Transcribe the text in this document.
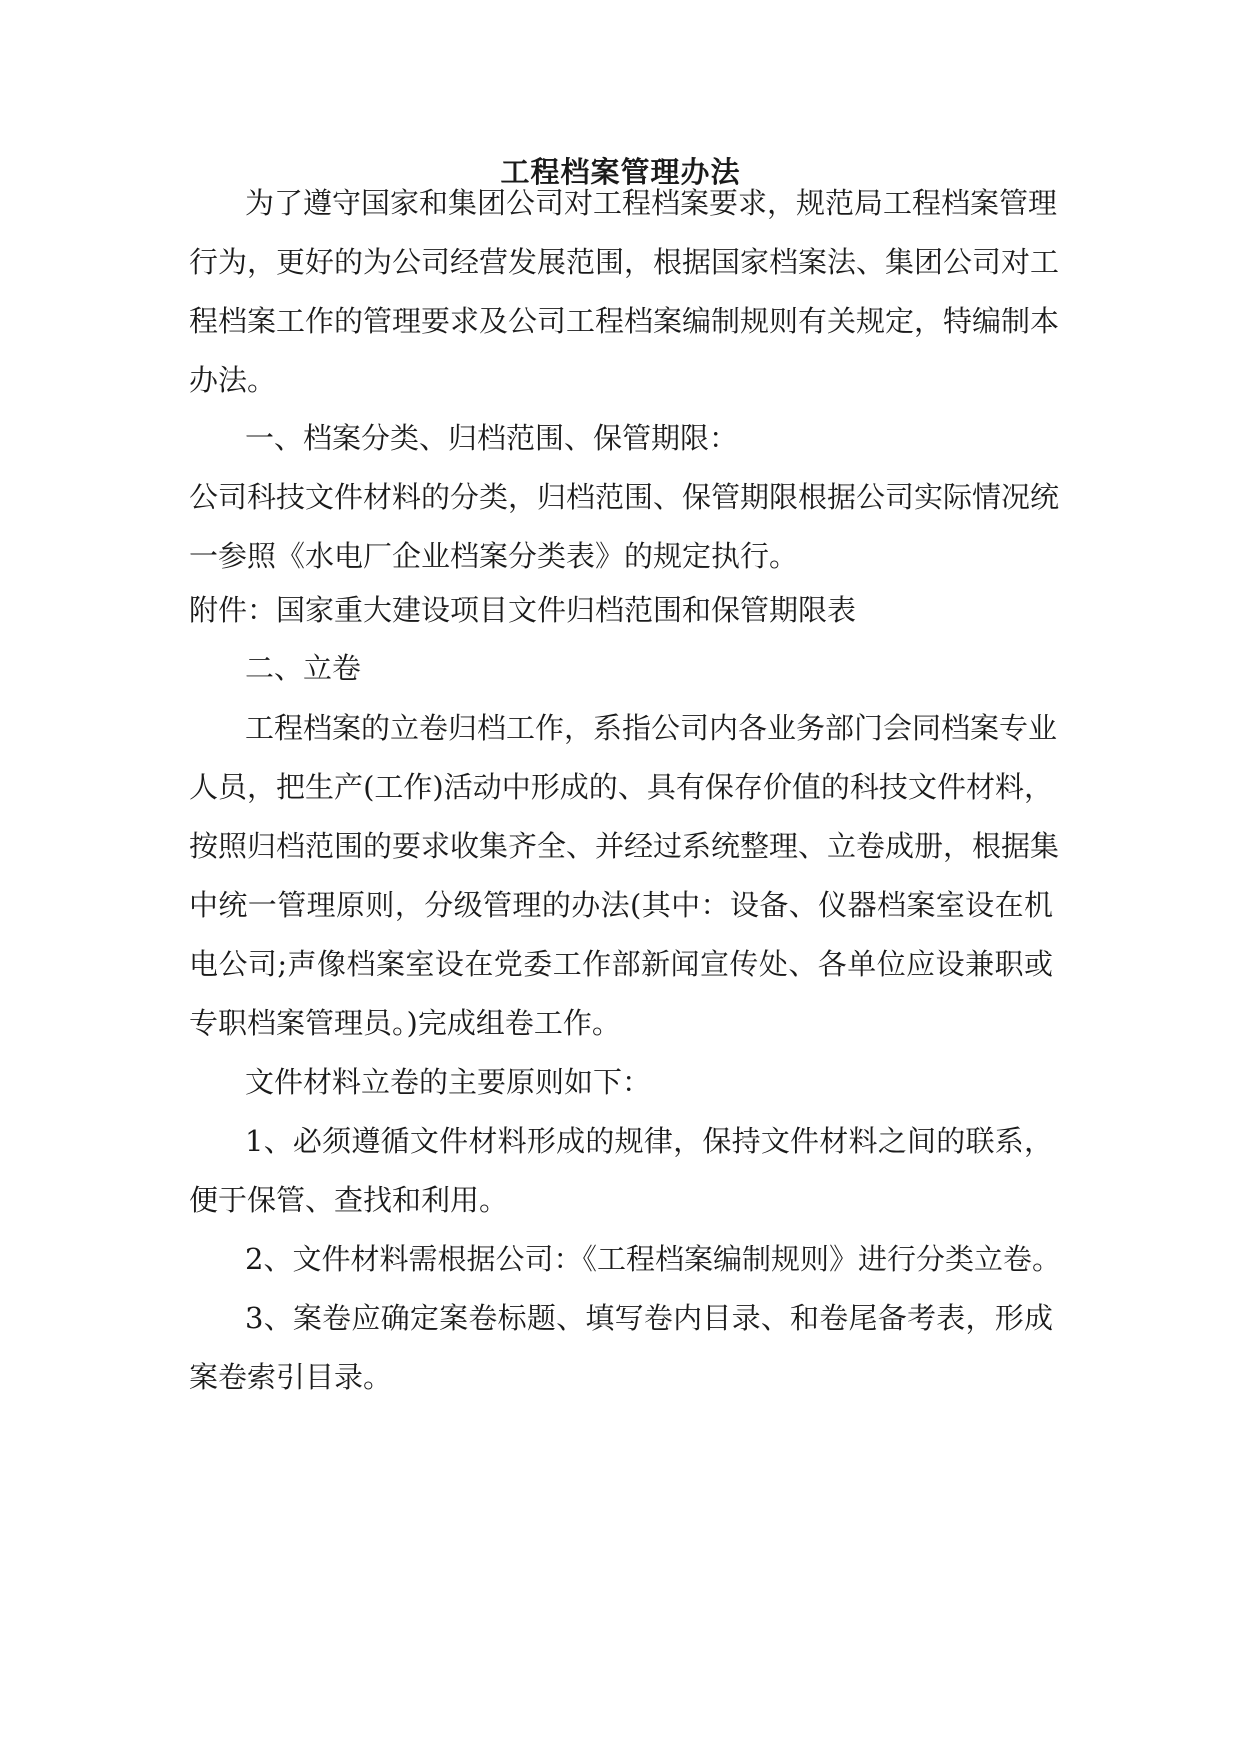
工程档案管理办法
为了遵守国家和集团公司对工程档案要求，规范局工程档案管理
行为，更好的为公司经营发展范围，根据国家档案法、集团公司对工
程档案工作的管理要求及公司工程档案编制规则有关规定，特编制本
办法。
一、档案分类、归档范围、保管期限：
公司科技文件材料的分类，归档范围、保管期限根据公司实际情况统
一参照《水电厂企业档案分类表》的规定执行。
附件：国家重大建设项目文件归档范围和保管期限表
二、立卷
工程档案的立卷归档工作，系指公司内各业务部门会同档案专业
人员，把生产(工作)活动中形成的、具有保存价值的科技文件材料，
按照归档范围的要求收集齐全、并经过系统整理、立卷成册，根据集
中统一管理原则，分级管理的办法(其中：设备、仪器档案室设在机
电公司;声像档案室设在党委工作部新闻宣传处、各单位应设兼职或
专职档案管理员。)完成组卷工作。
文件材料立卷的主要原则如下：
1、必须遵循文件材料形成的规律，保持文件材料之间的联系，
便于保管、查找和利用。
2、文件材料需根据公司：《工程档案编制规则》进行分类立卷。
3、案卷应确定案卷标题、填写卷内目录、和卷尾备考表，形成
案卷索引目录。
